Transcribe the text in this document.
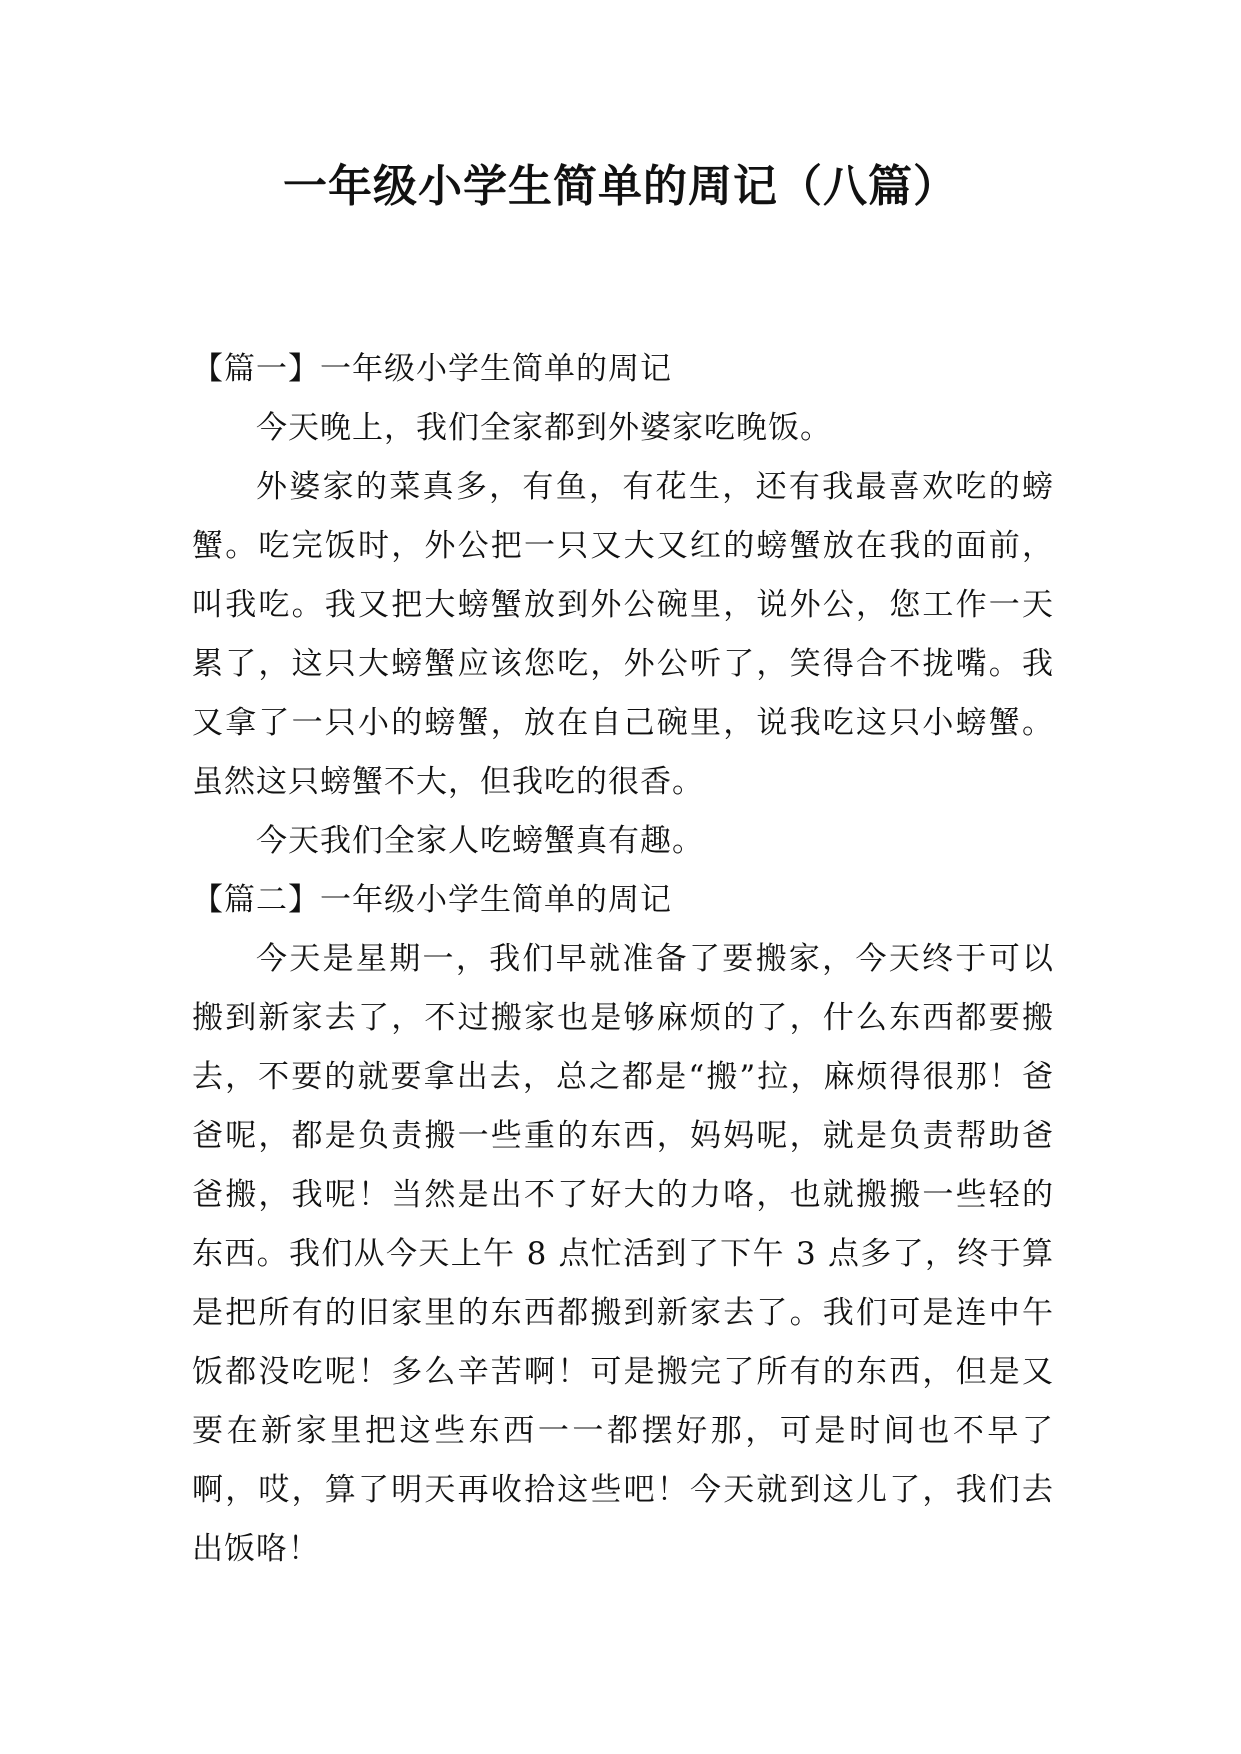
一年级小学生简单的周记（八篇）

【篇一】一年级小学生简单的周记

今天晚上，我们全家都到外婆家吃晚饭。

外婆家的菜真多，有鱼，有花生，还有我最喜欢吃的螃蟹。吃完饭时，外公把一只又大又红的螃蟹放在我的面前，叫我吃。我又把大螃蟹放到外公碗里，说外公，您工作一天累了，这只大螃蟹应该您吃，外公听了，笑得合不拢嘴。我又拿了一只小的螃蟹，放在自己碗里，说我吃这只小螃蟹。虽然这只螃蟹不大，但我吃的很香。

今天我们全家人吃螃蟹真有趣。

【篇二】一年级小学生简单的周记

今天是星期一，我们早就准备了要搬家，今天终于可以搬到新家去了，不过搬家也是够麻烦的了，什么东西都要搬去，不要的就要拿出去，总之都是“搬”拉，麻烦得很那！爸爸呢，都是负责搬一些重的东西，妈妈呢，就是负责帮助爸爸搬，我呢！当然是出不了好大的力咯，也就搬搬一些轻的东西。我们从今天上午 8 点忙活到了下午 3 点多了，终于算是把所有的旧家里的东西都搬到新家去了。我们可是连中午饭都没吃呢！多么辛苦啊！可是搬完了所有的东西，但是又要在新家里把这些东西一一都摆好那，可是时间也不早了啊，哎，算了明天再收拾这些吧！今天就到这儿了，我们去出饭咯！
